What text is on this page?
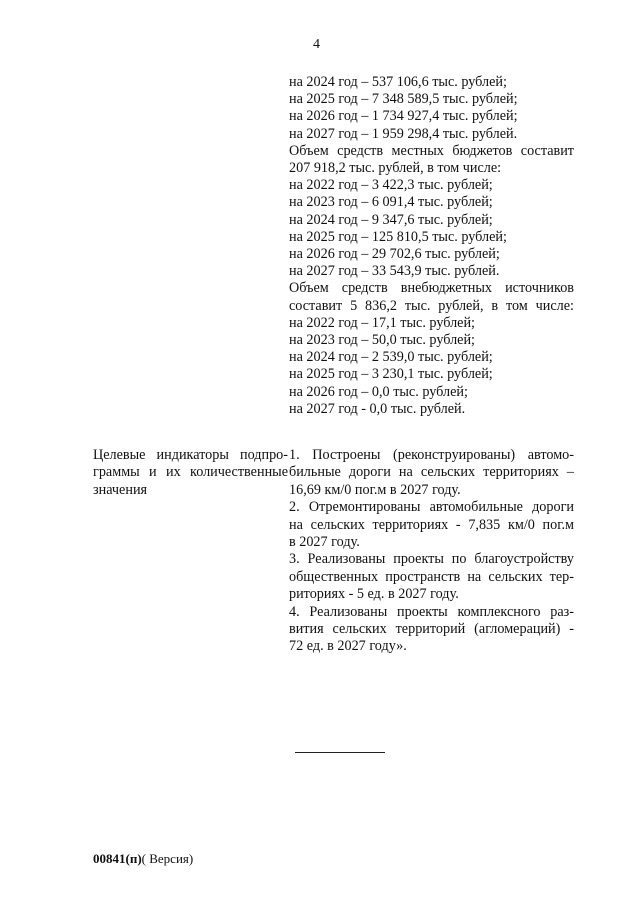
4
на 2024 год – 537 106,6 тыс. рублей;
на 2025 год – 7 348 589,5 тыс. рублей;
на 2026 год – 1 734 927,4 тыс. рублей;
на 2027 год – 1 959 298,4 тыс. рублей.
Объем средств местных бюджетов составит
207 918,2 тыс. рублей, в том числе:
на 2022 год – 3 422,3 тыс. рублей;
на 2023 год – 6 091,4 тыс. рублей;
на 2024 год – 9 347,6 тыс. рублей;
на 2025 год – 125 810,5 тыс. рублей;
на 2026 год – 29 702,6 тыс. рублей;
на 2027 год – 33 543,9 тыс. рублей.
Объем средств внебюджетных источников
составит 5 836,2 тыс. рублей, в том числе:
на 2022 год – 17,1 тыс. рублей;
на 2023 год – 50,0 тыс. рублей;
на 2024 год – 2 539,0 тыс. рублей;
на 2025 год – 3 230,1 тыс. рублей;
на 2026 год – 0,0 тыс. рублей;
на 2027 год - 0,0 тыс. рублей.
Целевые индикаторы подпро-
граммы и их количественные
значения
1. Построены (реконструированы) автомо-
бильные дороги на сельских территориях –
16,69 км/0 пог.м в 2027 году.
2. Отремонтированы автомобильные дороги
на сельских территориях - 7,835 км/0 пог.м
в 2027 году.
3. Реализованы проекты по благоустройству
общественных пространств на сельских тер-
риториях - 5 ед. в 2027 году.
4. Реализованы проекты комплексного раз-
вития сельских территорий (агломераций) -
72 ед. в 2027 году».
00841(п)( Версия)
